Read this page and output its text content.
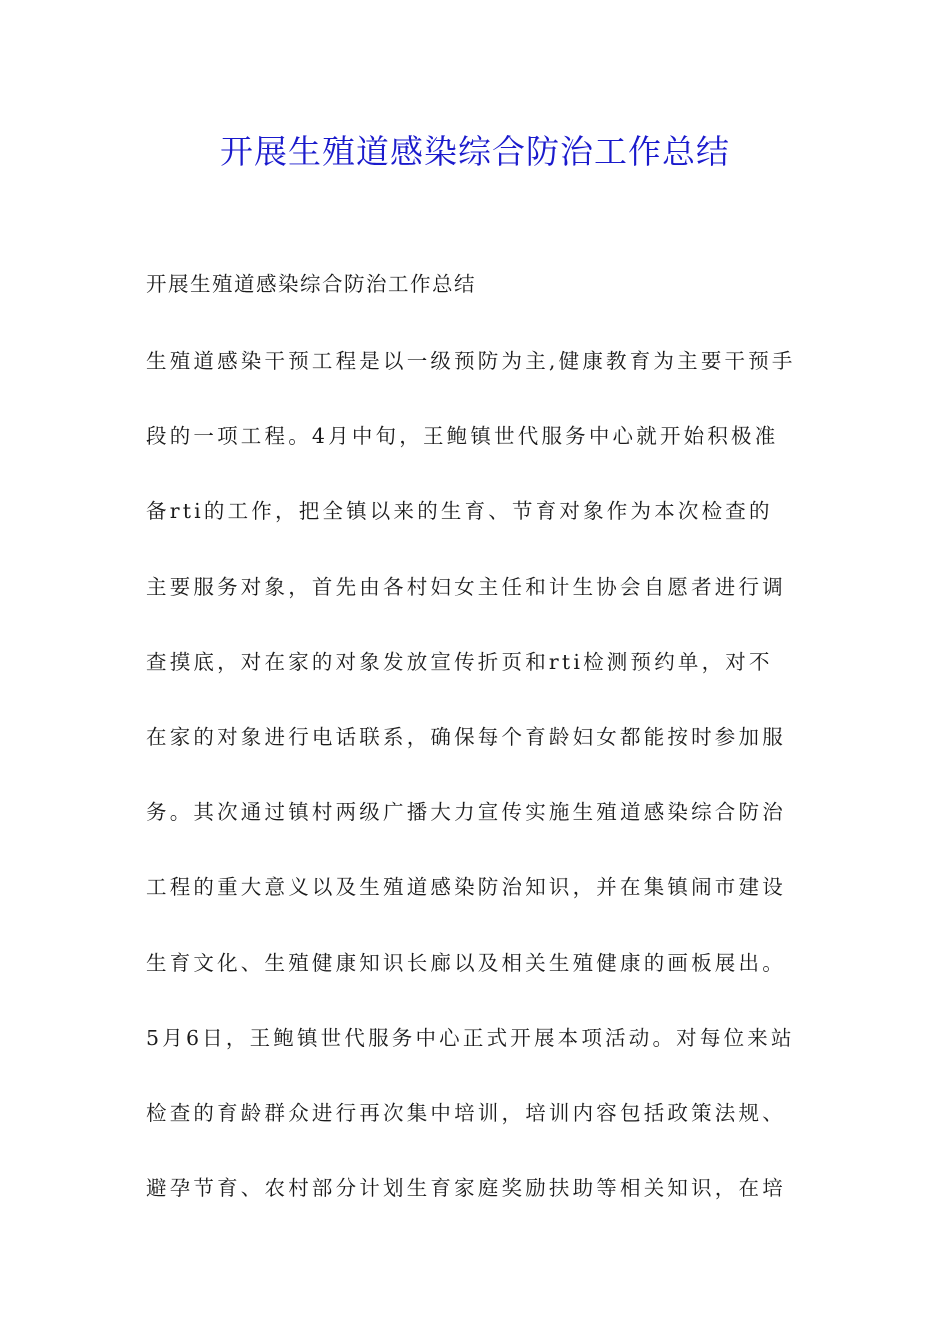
开展生殖道感染综合防治工作总结
开展生殖道感染综合防治工作总结
生殖道感染干预工程是以一级预防为主,健康教育为主要干预手
段的一项工程。4月中旬，王鲍镇世代服务中心就开始积极准
备rti的工作，把全镇以来的生育、节育对象作为本次检查的
主要服务对象，首先由各村妇女主任和计生协会自愿者进行调
查摸底，对在家的对象发放宣传折页和rti检测预约单，对不
在家的对象进行电话联系，确保每个育龄妇女都能按时参加服
务。其次通过镇村两级广播大力宣传实施生殖道感染综合防治
工程的重大意义以及生殖道感染防治知识，并在集镇闹市建设
生育文化、生殖健康知识长廊以及相关生殖健康的画板展出。
5月6日，王鲍镇世代服务中心正式开展本项活动。对每位来站
检查的育龄群众进行再次集中培训，培训内容包括政策法规、
避孕节育、农村部分计划生育家庭奖励扶助等相关知识，在培
